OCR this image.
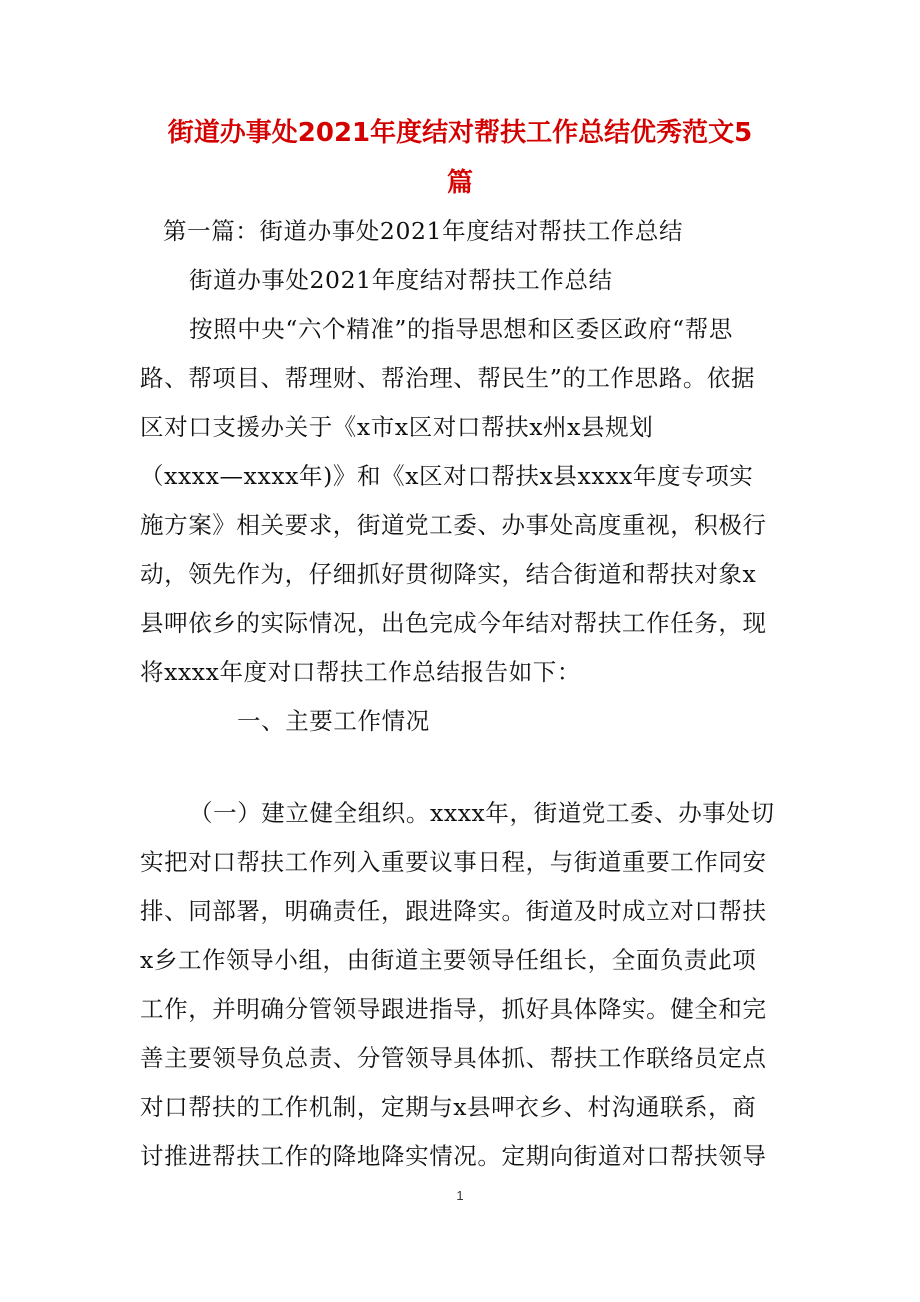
街道办事处2021年度结对帮扶工作总结优秀范文5
篇
第一篇：街道办事处2021年度结对帮扶工作总结
街道办事处2021年度结对帮扶工作总结
按照中央“六个精准”的指导思想和区委区政府“帮思
路、帮项目、帮理财、帮治理、帮民生”的工作思路。依据
区对口支援办关于《x市x区对口帮扶x州x县规划
（xxxx—xxxx年)》和《x区对口帮扶x县xxxx年度专项实
施方案》相关要求，街道党工委、办事处高度重视，积极行
动，领先作为，仔细抓好贯彻降实，结合街道和帮扶对象x
县呷依乡的实际情况，出色完成今年结对帮扶工作任务，现
将xxxx年度对口帮扶工作总结报告如下：
一、主要工作情况
（一）建立健全组织。xxxx年，街道党工委、办事处切
实把对口帮扶工作列入重要议事日程，与街道重要工作同安
排、同部署，明确责任，跟进降实。街道及时成立对口帮扶
x乡工作领导小组，由街道主要领导任组长，全面负责此项
工作，并明确分管领导跟进指导，抓好具体降实。健全和完
善主要领导负总责、分管领导具体抓、帮扶工作联络员定点
对口帮扶的工作机制，定期与x县呷衣乡、村沟通联系，商
讨推进帮扶工作的降地降实情况。定期向街道对口帮扶领导
1
